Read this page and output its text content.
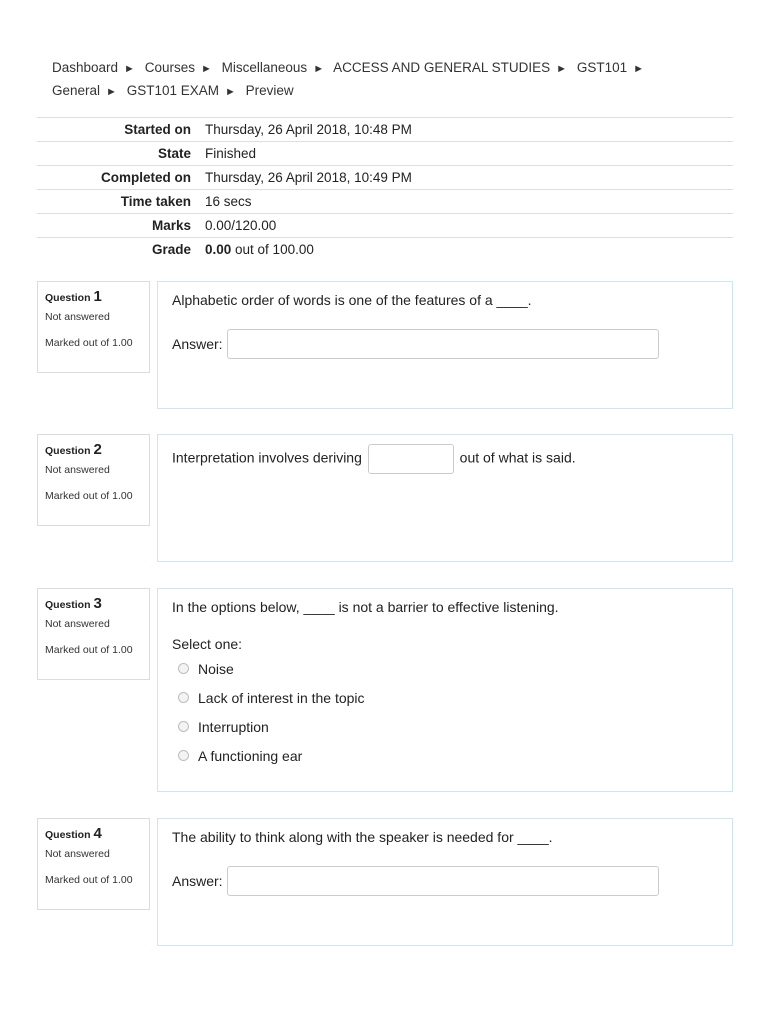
Dashboard ► Courses ► Miscellaneous ► ACCESS AND GENERAL STUDIES ► GST101 ► General ► GST101 EXAM ► Preview
Started on	Thursday, 26 April 2018, 10:48 PM
State	Finished
Completed on	Thursday, 26 April 2018, 10:49 PM
Time taken	16 secs
Marks	0.00/120.00
Grade	0.00 out of 100.00
Question 1
Not answered
Marked out of 1.00
Alphabetic order of words is one of the features of a ____.
Answer:
Question 2
Not answered
Marked out of 1.00
Interpretation involves deriving	out of what is said.
Question 3
Not answered
Marked out of 1.00
In the options below, ____ is not a barrier to effective listening.
Select one:
Noise
Lack of interest in the topic
Interruption
A functioning ear
Question 4
Not answered
Marked out of 1.00
The ability to think along with the speaker is needed for ____.
Answer:
